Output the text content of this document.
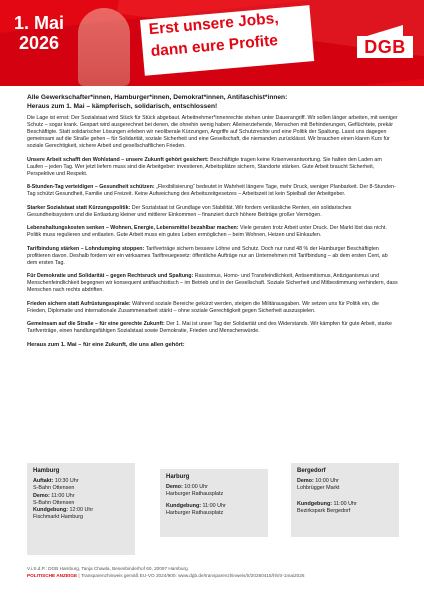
1. Mai
2026
Erst unsere Jobs,
dann eure Profite	DGB
Alle Gewerkschafter*innen, Hamburger*innen, Demokrat*innen, Antifaschist*innen:
Heraus zum 1. Mai – kämpferisch, solidarisch, entschlossen!

Die Lage ist ernst: Der Sozialstaat wird Stück für Stück abgebaut. Arbeitnehmer*innenrechte stehen unter Dauerangriff. Wir sollen länger arbeiten, mit weniger Schutz – sogar krank. Gespart wird ausgerechnet bei denen, die ohnehin wenig haben: Alleinerziehende, Menschen mit Behinderungen, Geflüchtete, prekär Beschäftigte. Statt solidarischer Lösungen erleben wir neoliberale Kürzungen, Angriffe auf Schutzrechte und eine Politik der Spaltung. Lasst uns dagegen gemeinsam auf die Straße gehen – für Solidarität, soziale Sicherheit und eine Gesellschaft, die niemanden zurücklässt. Wir brauchen einen klaren Kurs für soziale Gerechtigkeit, sichere Arbeit und gesellschaftlichen Frieden.

Unsere Arbeit schafft den Wohlstand – unsere Zukunft gehört gesichert: Beschäftigte tragen keine Krisenverantwortung. Sie halten den Laden am Laufen – jeden Tag. Wer jetzt liefern muss sind die Arbeitgeber: investieren, Arbeitsplätze sichern, Standorte stärken. Gute Arbeit braucht Sicherheit, Perspektive und Respekt.

8-Stunden-Tag verteidigen – Gesundheit schützen: „Flexibilisierung“ bedeutet in Wahrheit längere Tage, mehr Druck, weniger Planbarkeit. Der 8-Stunden-Tag schützt Gesundheit, Familie und Freizeit. Keine Aufweichung des Arbeitszeitgesetzes – Arbeitszeit ist kein Spielball der Arbeitgeber.

Starker Sozialstaat statt Kürzungspolitik: Der Sozialstaat ist Grundlage von Stabilität. Wir fordern verlässliche Renten, ein solidarisches Gesundheitssystem und die Entlastung kleiner und mittlerer Einkommen – finanziert durch höhere Beiträge großer Vermögen.

Lebenshaltungskosten senken – Wohnen, Energie, Lebensmittel bezahlbar machen: Viele geraten trotz Arbeit unter Druck. Der Markt löst das nicht. Politik muss regulieren und entlasten. Gute Arbeit muss ein gutes Leben ermöglichen – beim Wohnen, Heizen und Einkaufen.

Tarifbindung stärken – Lohndumping stoppen: Tarifverträge sichern bessere Löhne und Schutz. Doch nur rund 48 % der Hamburger Beschäftigten profitieren davon. Deshalb fordern wir ein wirksames Tariftreuegesetz: öffentliche Aufträge nur an Unternehmen mit Tarifbindung – ab dem ersten Cent, ab dem ersten Tag.

Für Demokratie und Solidarität – gegen Rechtsruck und Spaltung: Rassismus, Homo- und Transfeindlichkeit, Antisemitismus, Antiziganismus und Menschenfeindlichkeit begegnen wir konsequent antifaschistisch – im Betrieb und in der Gesellschaft. Soziale Sicherheit und Mitbestimmung verhindern, dass Menschen nach rechts abdriften.

Frieden sichern statt Aufrüstungsspirale: Während soziale Bereiche gekürzt werden, steigen die Militärausgaben. Wir setzen uns für Politik ein, die Frieden, Diplomatie und internationale Zusammenarbeit stärkt – ohne soziale Gerechtigkeit gegen Sicherheit auszuspielen.

Gemeinsam auf die Straße – für eine gerechte Zukunft: Der 1. Mai ist unser Tag der Solidarität und des Widerstands. Wir kämpfen für gute Arbeit, starke Tarifverträge, einen handlungsfähigen Sozialstaat sowie Demokratie, Frieden und Menschenwürde.

Heraus zum 1. Mai – für eine Zukunft, die uns allen gehört:
Hamburg
Auftakt: 10:30 Uhr
S-Bahn Ottensen
Demo: 11:00 Uhr
S-Bahn Ottensen
Kundgebung: 12:00 Uhr
Fischmarkt Hamburg
Harburg
Demo: 10:00 Uhr
Harburger Rathausplatz
Kundgebung: 11:00 Uhr
Harburger Rathausplatz
Bergedorf
Demo: 10:00 Uhr
Lohbrügger Markt
Kundgebung: 11:00 Uhr
Bezirkspark Bergedorf
V.i.S.d.P.: DGB Hamburg, Tanja Chawla, Besenbinderhof 60, 20097 Hamburg
POLITISCHE ANZEIGE | Transparenzhinweis gemäß EU-VO 2024/900: www.dgb.de/transparenzhinweis/tr/20260415/hh/tr-1mai2026
